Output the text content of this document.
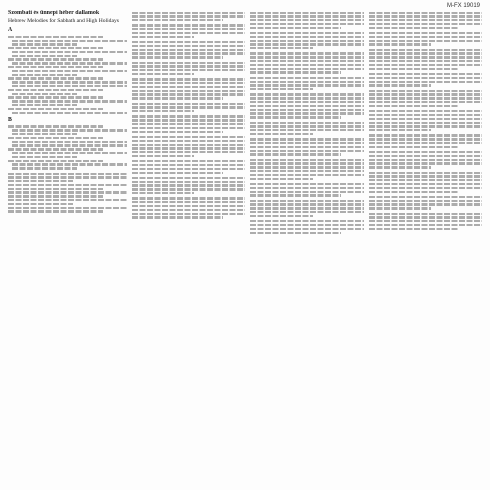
M-FX 19019
Szombati és ünnepi héber dallamok
Hebrew Melodies for Sabbath and High Holidays
A
B
